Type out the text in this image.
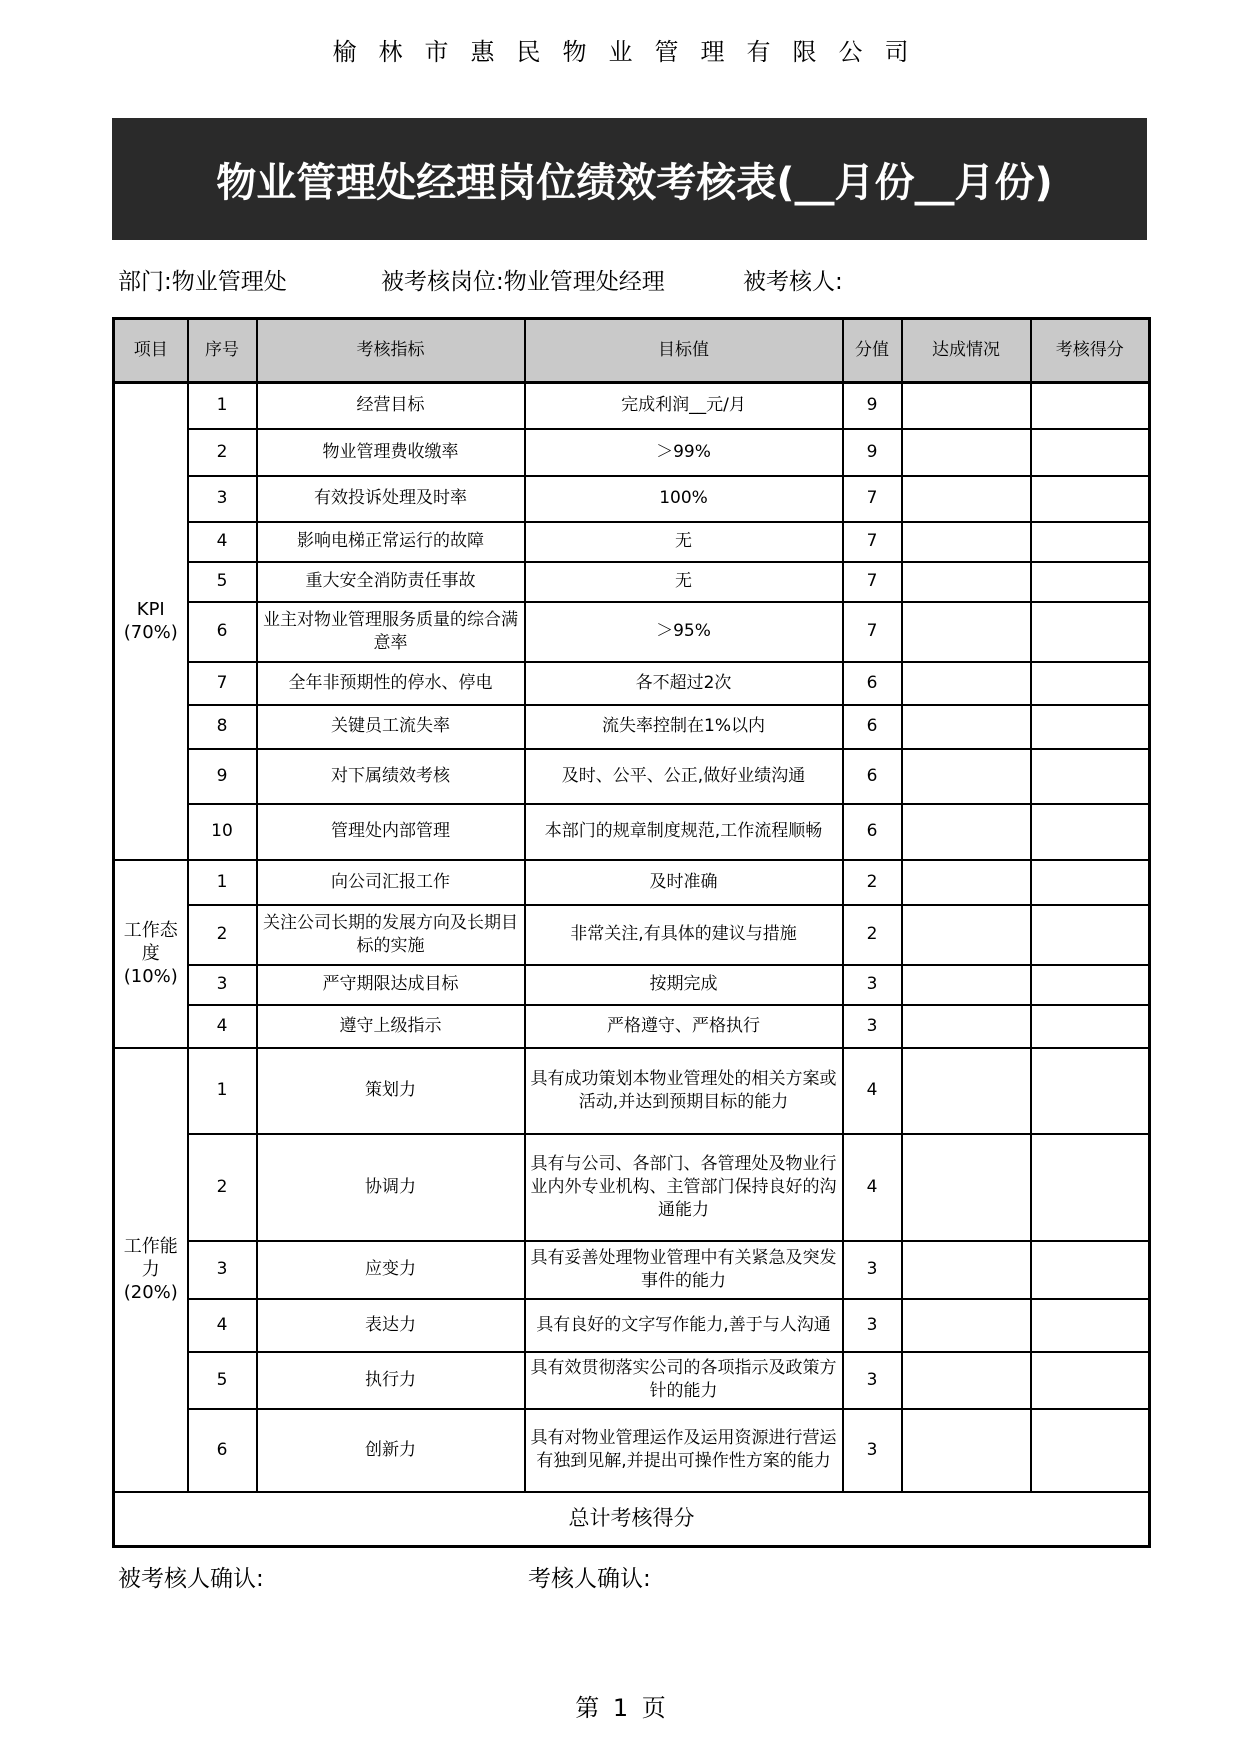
榆林市惠民物业管理有限公司
物业管理处经理岗位绩效考核表(__月份__月份)
部门:物业管理处	被考核岗位:物业管理处经理	被考核人:
项目	序号	考核指标	目标值	分值	达成情况	考核得分
KPI
(70%)	1	经营目标	完成利润__元/月	9		
	2	物业管理费收缴率	＞99%	9		
	3	有效投诉处理及时率	100%	7		
	4	影响电梯正常运行的故障	无	7		
	5	重大安全消防责任事故	无	7		
	6	业主对物业管理服务质量的综合满意率	＞95%	7		
	7	全年非预期性的停水、停电	各不超过2次	6		
	8	关键员工流失率	流失率控制在1%以内	6		
	9	对下属绩效考核	及时、公平、公正,做好业绩沟通	6		
	10	管理处内部管理	本部门的规章制度规范,工作流程顺畅	6		
工作态
度
(10%)	1	向公司汇报工作	及时准确	2		
	2	关注公司长期的发展方向及长期目标的实施	非常关注,有具体的建议与措施	2		
	3	严守期限达成目标	按期完成	3		
	4	遵守上级指示	严格遵守、严格执行	3		
工作能
力
(20%)	1	策划力	具有成功策划本物业管理处的相关方案或活动,并达到预期目标的能力	4		
	2	协调力	具有与公司、各部门、各管理处及物业行业内外专业机构、主管部门保持良好的沟通能力	4		
	3	应变力	具有妥善处理物业管理中有关紧急及突发事件的能力	3		
	4	表达力	具有良好的文字写作能力,善于与人沟通	3		
	5	执行力	具有效贯彻落实公司的各项指示及政策方针的能力	3		
	6	创新力	具有对物业管理运作及运用资源进行营运有独到见解,并提出可操作性方案的能力	3		
总计考核得分						
被考核人确认:	考核人确认:
第 1 页
